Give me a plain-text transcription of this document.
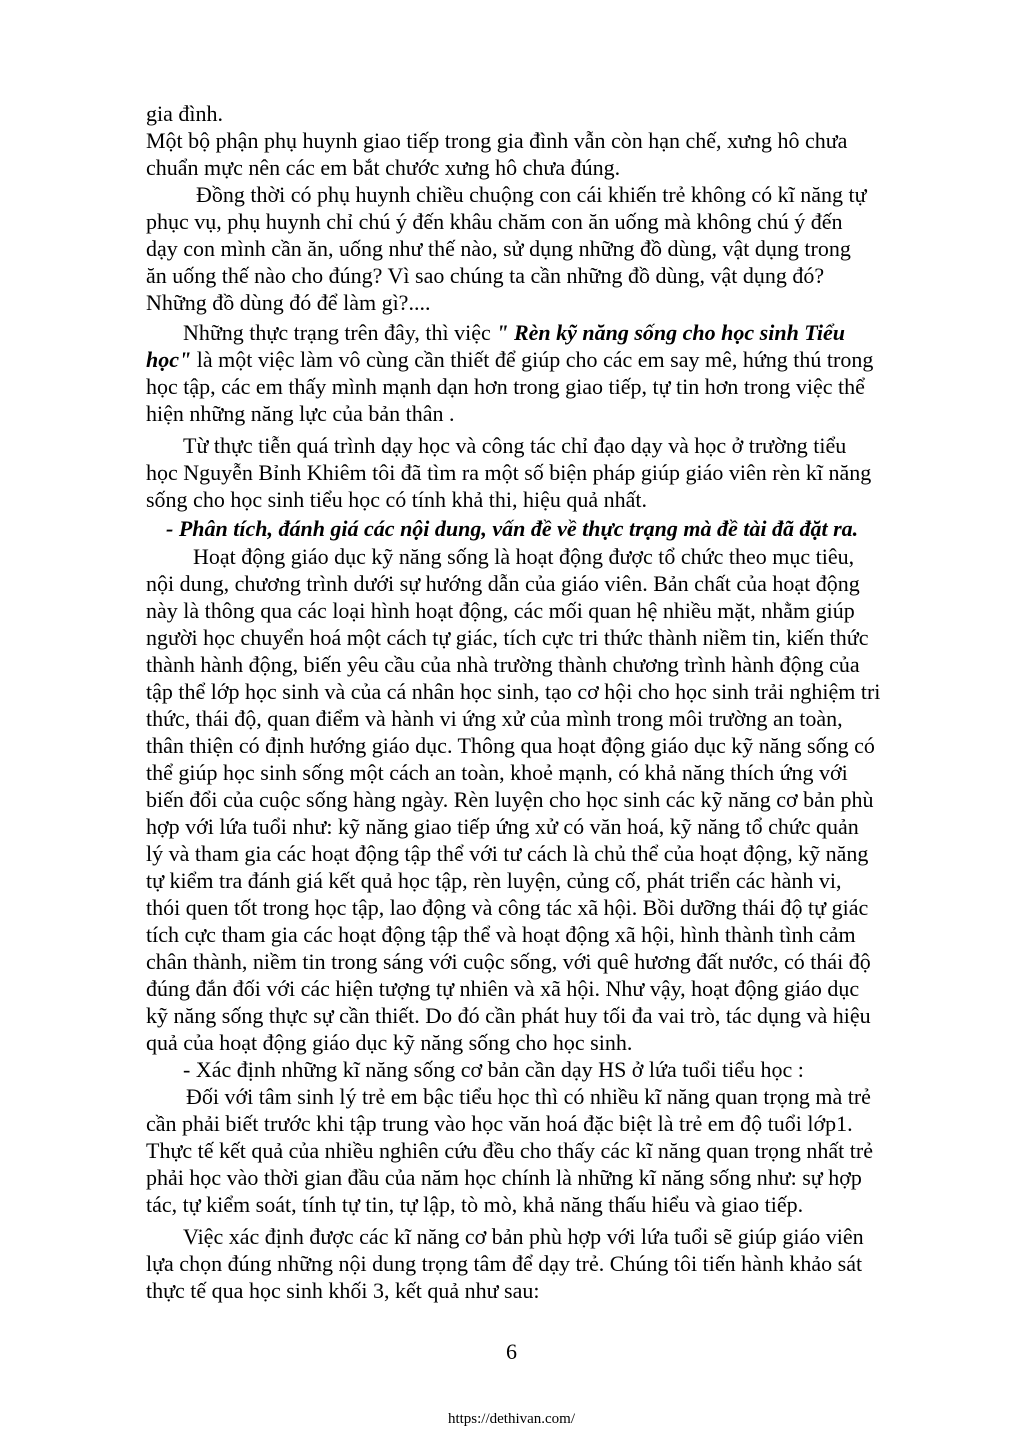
gia đình.
Một bộ phận phụ huynh giao tiếp trong gia đình vẫn còn hạn chế, xưng hô chưa
chuẩn mực nên các em bắt chước xưng hô chưa đúng.
Đồng thời có phụ huynh chiều chuộng con cái khiến trẻ không có kĩ năng tự
phục vụ, phụ huynh chỉ chú ý đến khâu chăm con ăn uống mà không chú ý đến
dạy con mình cần ăn, uống như thế nào, sử dụng những đồ dùng, vật dụng trong
ăn uống thế nào cho đúng? Vì sao chúng ta cần những đồ dùng, vật dụng đó?
Những đồ dùng đó để làm gì?....
Những thực trạng trên đây, thì việc " Rèn kỹ năng sống cho học sinh Tiểu
học" là một việc làm vô cùng cần thiết để giúp cho các em say mê, hứng thú trong
học tập, các em thấy mình mạnh dạn hơn trong giao tiếp, tự tin hơn trong việc thể
hiện những năng lực của bản thân .
Từ thực tiễn quá trình dạy học và công tác chỉ đạo dạy và học ở trường tiểu
học Nguyễn Bỉnh Khiêm tôi đã tìm ra một số biện pháp giúp giáo viên rèn kĩ năng
sống cho học sinh tiểu học có tính khả thi, hiệu quả nhất.
- Phân tích, đánh giá các nội dung, vấn đề về thực trạng mà đề tài đã đặt ra.
Hoạt động giáo dục kỹ năng sống là hoạt động được tổ chức theo mục tiêu,
nội dung, chương trình dưới sự hướng dẫn của giáo viên. Bản chất của hoạt động
này là thông qua các loại hình hoạt động, các mối quan hệ nhiều mặt, nhằm giúp
người học chuyển hoá một cách tự giác, tích cực tri thức thành niềm tin, kiến thức
thành hành động, biến yêu cầu của nhà trường thành chương trình hành động của
tập thể lớp học sinh và của cá nhân học sinh, tạo cơ hội cho học sinh trải nghiệm tri
thức, thái độ, quan điểm và hành vi ứng xử của mình trong môi trường an toàn,
thân thiện có định hướng giáo dục. Thông qua hoạt động giáo dục kỹ năng sống có
thể giúp học sinh sống một cách an toàn, khoẻ mạnh, có khả năng thích ứng với
biến đổi của cuộc sống hàng ngày. Rèn luyện cho học sinh các kỹ năng cơ bản phù
hợp với lứa tuổi như: kỹ năng giao tiếp ứng xử có văn hoá, kỹ năng tổ chức quản
lý và tham gia các hoạt động tập thể với tư cách là chủ thể của hoạt động, kỹ năng
tự kiểm tra đánh giá kết quả học tập, rèn luyện, củng cố, phát triển các hành vi,
thói quen tốt trong học tập, lao động và công tác xã hội. Bồi dưỡng thái độ tự giác
tích cực tham gia các hoạt động tập thể và hoạt động xã hội, hình thành tình cảm
chân thành, niềm tin trong sáng với cuộc sống, với quê hương đất nước, có thái độ
đúng đắn đối với các hiện tượng tự nhiên và xã hội. Như vậy, hoạt động giáo dục
kỹ năng sống thực sự cần thiết. Do đó cần phát huy tối đa vai trò, tác dụng và hiệu
quả của hoạt động giáo dục kỹ năng sống cho học sinh.
- Xác định những kĩ năng sống cơ bản cần dạy HS ở lứa tuổi tiểu học :
Đối với tâm sinh lý trẻ em bậc tiểu học thì có nhiều kĩ năng quan trọng mà trẻ
cần phải biết trước khi tập trung vào học văn hoá đặc biệt là trẻ em độ tuổi lớp1.
Thực tế kết quả của nhiều nghiên cứu đều cho thấy các kĩ năng quan trọng nhất trẻ
phải học vào thời gian đầu của năm học chính là những kĩ năng sống như: sự hợp
tác, tự kiểm soát, tính tự tin, tự lập, tò mò, khả năng thấu hiểu và giao tiếp.
Việc xác định được các kĩ năng cơ bản phù hợp với lứa tuổi sẽ giúp giáo viên
lựa chọn đúng những nội dung trọng tâm để dạy trẻ. Chúng tôi tiến hành khảo sát
thực tế qua học sinh khối 3, kết quả như sau:
6
https://dethivan.com/
